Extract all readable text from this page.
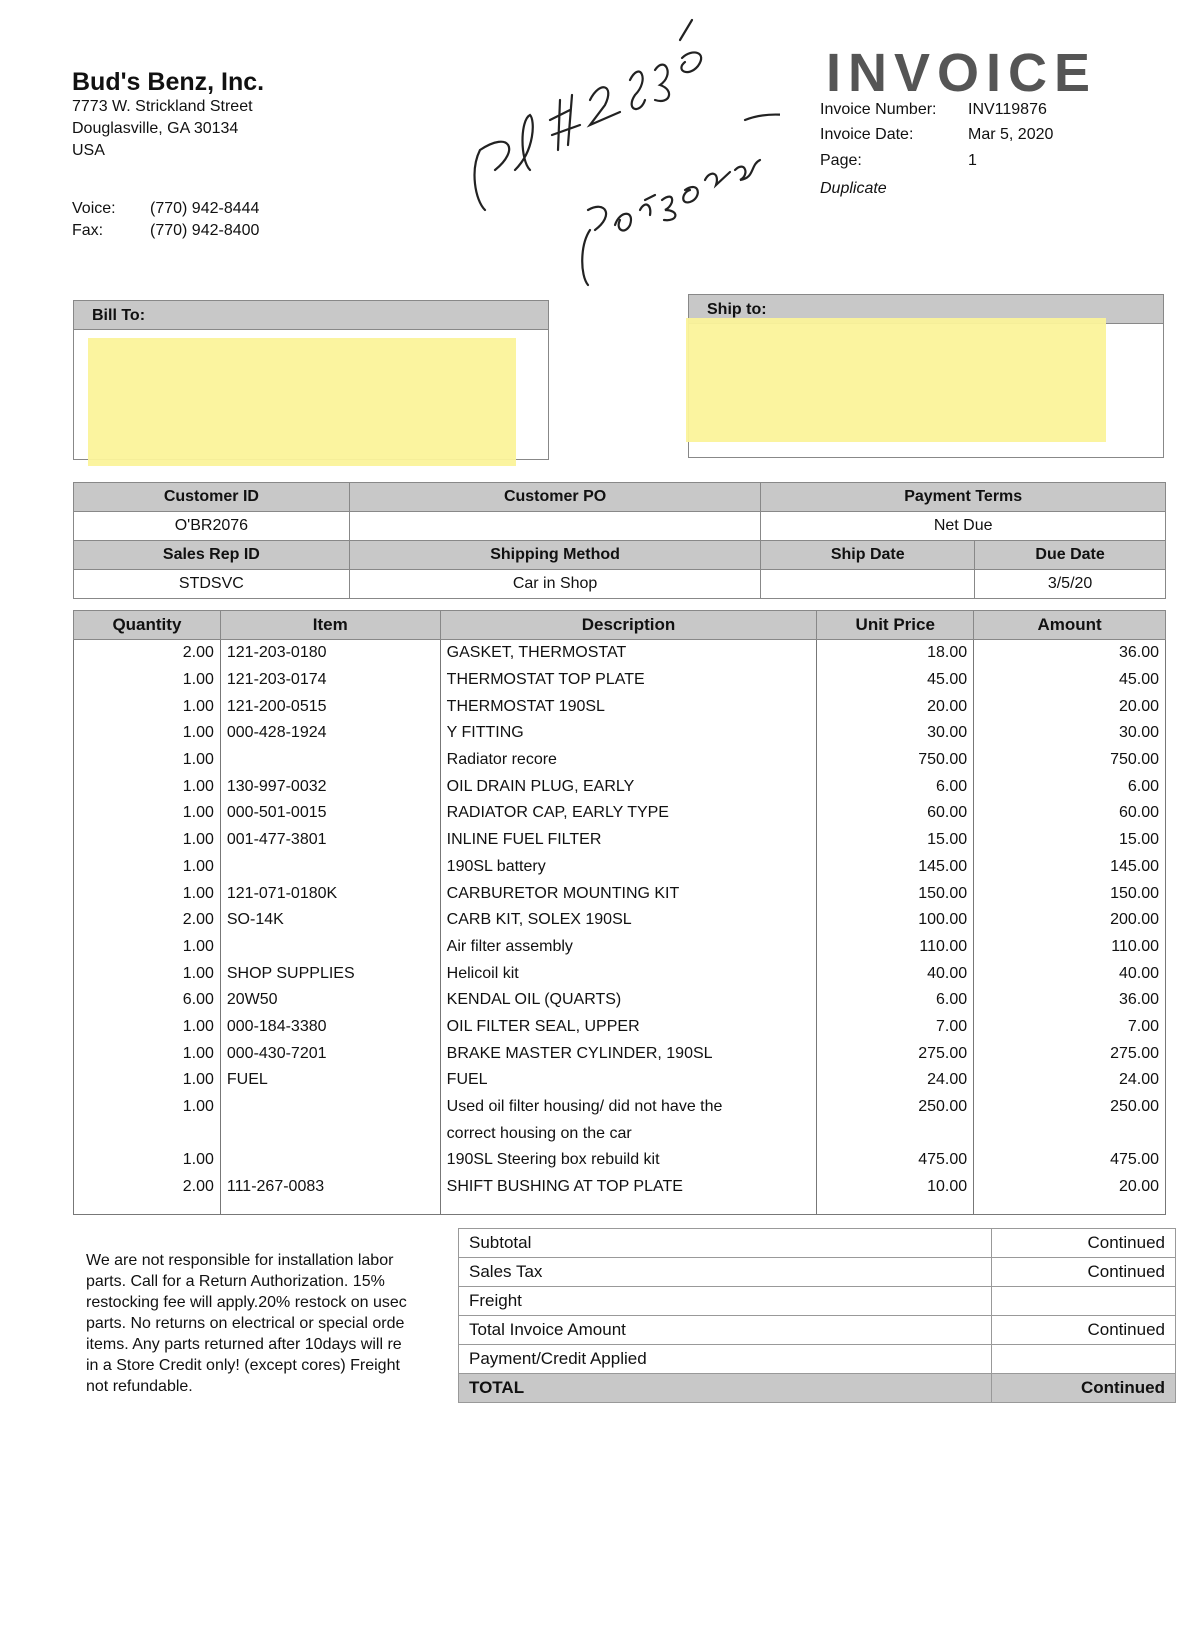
Bud's Benz, Inc.
7773 W. Strickland Street
Douglasville, GA 30134
USA
Voice: (770) 942-8444
Fax:	(770) 942-8400
INVOICE
Invoice Number: INV119876
Invoice Date:	Mar 5, 2020
Page:	1
Duplicate
Bill To:	Ship to:
Customer ID	Customer PO	Payment Terms	
O'BR2076		Net Due	
Sales Rep ID	Shipping Method	Ship Date	Due Date
STDSVC	Car in Shop		3/5/20
Quantity	Item	Description	Unit Price	Amount
2.00	121-203-0180	GASKET, THERMOSTAT	18.00	36.00
1.00	121-203-0174	THERMOSTAT TOP PLATE	45.00	45.00
1.00	121-200-0515	THERMOSTAT 190SL	20.00	20.00
1.00	000-428-1924	Y FITTING	30.00	30.00
1.00		Radiator recore	750.00	750.00
1.00	130-997-0032	OIL DRAIN PLUG, EARLY	6.00	6.00
1.00	000-501-0015	RADIATOR CAP, EARLY TYPE	60.00	60.00
1.00	001-477-3801	INLINE FUEL FILTER	15.00	15.00
1.00		190SL battery	145.00	145.00
1.00	121-071-0180K	CARBURETOR MOUNTING KIT	150.00	150.00
2.00	SO-14K	CARB KIT, SOLEX 190SL	100.00	200.00
1.00		Air filter assembly	110.00	110.00
1.00	SHOP SUPPLIES	Helicoil kit	40.00	40.00
6.00	20W50	KENDAL OIL (QUARTS)	6.00	36.00
1.00	000-184-3380	OIL FILTER SEAL, UPPER	7.00	7.00
1.00	000-430-7201	BRAKE MASTER CYLINDER, 190SL	275.00	275.00
1.00	FUEL	FUEL	24.00	24.00
1.00		Used oil filter housing/ did not have the	250.00	250.00
		correct housing on the car		
1.00		190SL Steering box rebuild kit	475.00	475.00
2.00	111-267-0083	SHIFT BUSHING AT TOP PLATE	10.00	20.00

We are not responsible for installation labor
parts. Call for a Return Authorization. 15%
restocking fee will apply.20% restock on usec
parts. No returns on electrical or special orde
items. Any parts returned after 10days will re
in a Store Credit only! (except cores) Freight
not refundable.
Subtotal	Continued
Sales Tax	Continued
Freight	
Total Invoice Amount	Continued
Payment/Credit Applied	
TOTAL	Continued
